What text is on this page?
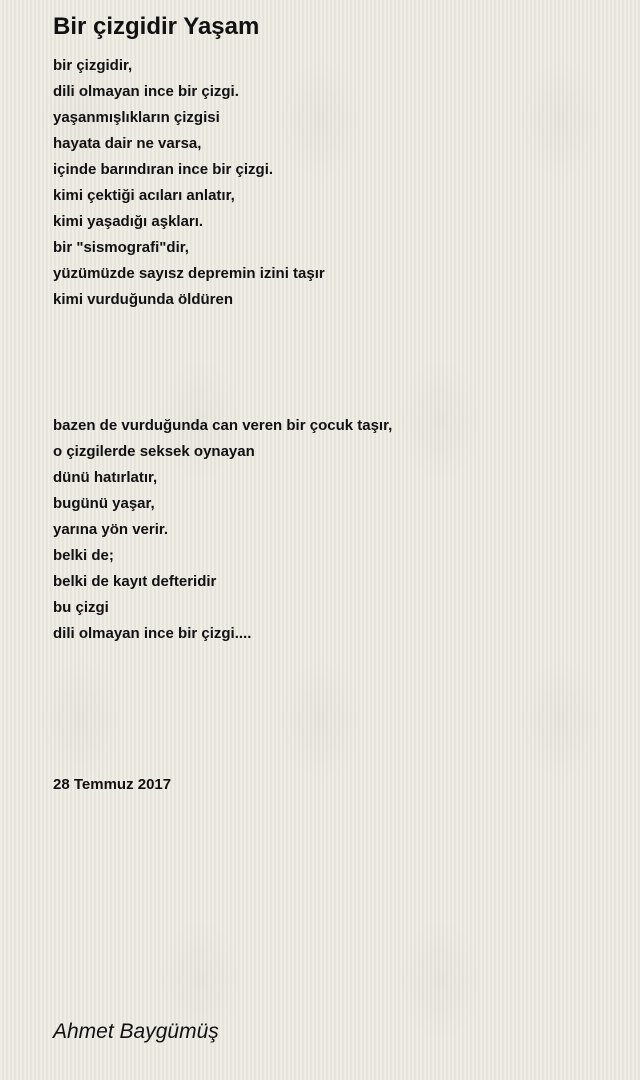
Bir çizgidir Yaşam
bir çizgidir,
dili olmayan ince bir çizgi.
yaşanmışlıkların çizgisi
hayata dair ne varsa,
içinde barındıran ince bir çizgi.
kimi çektiği acıları anlatır,
kimi yaşadığı aşkları.
bir "sismografi"dir,
yüzümüzde sayısz depremin izini taşır
kimi vurduğunda öldüren
bazen de vurduğunda can veren bir çocuk taşır,
o çizgilerde seksek oynayan
dünü hatırlatır,
bugünü yaşar,
yarına yön verir.
belki de;
belki de kayıt defteridir
bu çizgi
dili olmayan ince bir çizgi....
28 Temmuz 2017
Ahmet Baygümüş
